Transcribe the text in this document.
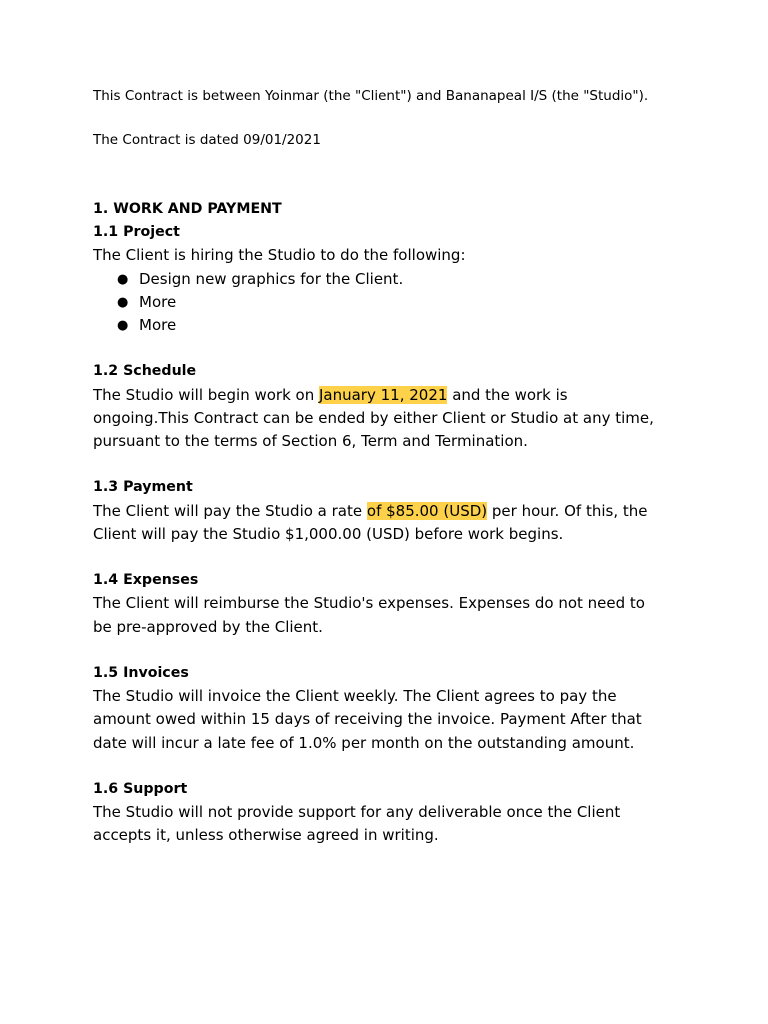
This Contract is between Yoinmar (the "Client") and Bananapeal I/S (the "Studio").
The Contract is dated 09/01/2021
1. WORK AND PAYMENT
1.1 Project
The Client is hiring the Studio to do the following:
● Design new graphics for the Client.
● More
● More
1.2 Schedule
The Studio will begin work on January 11, 2021 and the work is ongoing.This Contract can be ended by either Client or Studio at any time, pursuant to the terms of Section 6, Term and Termination.
1.3 Payment
The Client will pay the Studio a rate of $85.00 (USD) per hour. Of this, the Client will pay the Studio $1,000.00 (USD) before work begins.
1.4 Expenses
The Client will reimburse the Studio's expenses. Expenses do not need to be pre-approved by the Client.
1.5 Invoices
The Studio will invoice the Client weekly. The Client agrees to pay the amount owed within 15 days of receiving the invoice. Payment After that date will incur a late fee of 1.0% per month on the outstanding amount.
1.6 Support
The Studio will not provide support for any deliverable once the Client accepts it, unless otherwise agreed in writing.
